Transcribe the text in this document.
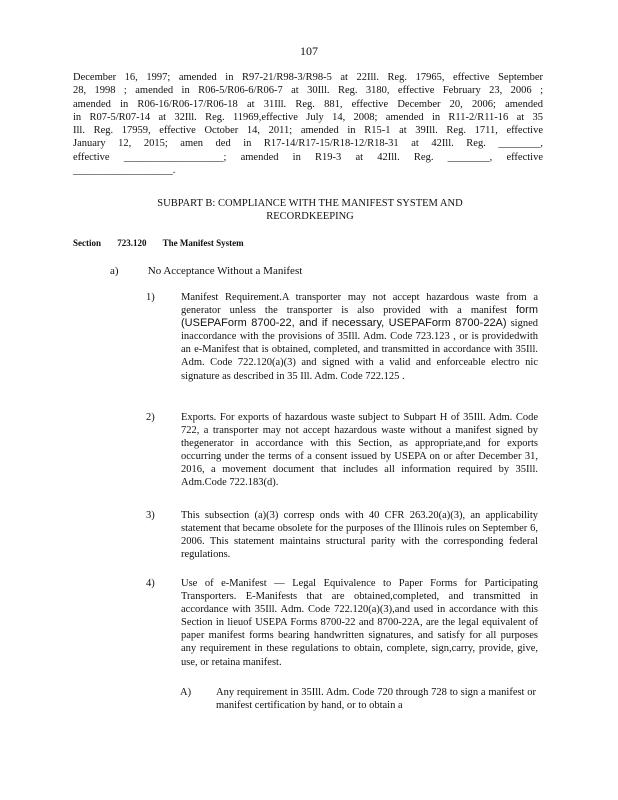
107
December 16, 1997; amended in R97-21/R98-3/R98-5 at 22Ill. Reg. 17965, effective September
28, 1998 ; amended in R06-5/R06-6/R06-7 at 30Ill. Reg. 3180, effective February 23, 2006 ;
amended in R06-16/R06-17/R06-18 at 31Ill. Reg. 881, effective December 20, 2006; amended
in R07-5/R07-14 at 32Ill. Reg. 11969,effective July 14, 2008; amended in R11-2/R11-16 at 35
Ill. Reg. 17959, effective October 14, 2011; amended in R15-1 at 39Ill. Reg. 1711, effective
January 12, 2015; amen ded in R17-14/R17-15/R18-12/R18-31 at 42Ill. Reg. ________,
effective ___________________; amended in R19-3 at 42Ill. Reg. ________, effective
___________________.
SUBPART B: COMPLIANCE WITH THE MANIFEST SYSTEM AND
RECORDKEEPING
Section 723.120 The Manifest System
a)	No Acceptance Without a Manifest
1)	Manifest Requirement.A transporter may not accept hazardous waste from a generator unless the transporter is also provided with a manifest form (USEPAForm 8700-22, and if necessary, USEPAForm 8700-22A) signed inaccordance with the provisions of 35Ill. Adm. Code 723.123 , or is providedwith an e-Manifest that is obtained, completed, and transmitted in accordance with 35Ill. Adm. Code 722.120(a)(3) and signed with a valid and enforceable electro nic signature as described in 35 Ill. Adm. Code 722.125 .
2)	Exports. For exports of hazardous waste subject to Subpart H of 35Ill. Adm. Code 722, a transporter may not accept hazardous waste without a manifest signed by thegenerator in accordance with this Section, as appropriate,and for exports occurring under the terms of a consent issued by USEPA on or after December 31, 2016, a movement document that includes all information required by 35Ill. Adm.Code 722.183(d).
3)	This subsection (a)(3) corresp onds with 40 CFR 263.20(a)(3), an applicability statement that became obsolete for the purposes of the Illinois rules on September 6, 2006. This statement maintains structural parity with the corresponding federal regulations.
4)	Use of e-Manifest — Legal Equivalence to Paper Forms for Participating Transporters. E-Manifests that are obtained,completed, and transmitted in accordance with 35Ill. Adm. Code 722.120(a)(3),and used in accordance with this Section in lieuof USEPA Forms 8700-22 and 8700-22A, are the legal equivalent of paper manifest forms bearing handwritten signatures, and satisfy for all purposes any requirement in these regulations to obtain, complete, sign,carry, provide, give, use, or retaina manifest.
A) Any requirement in 35Ill. Adm. Code 720 through 728 to sign a manifest or manifest certification by hand, or to obtain a
